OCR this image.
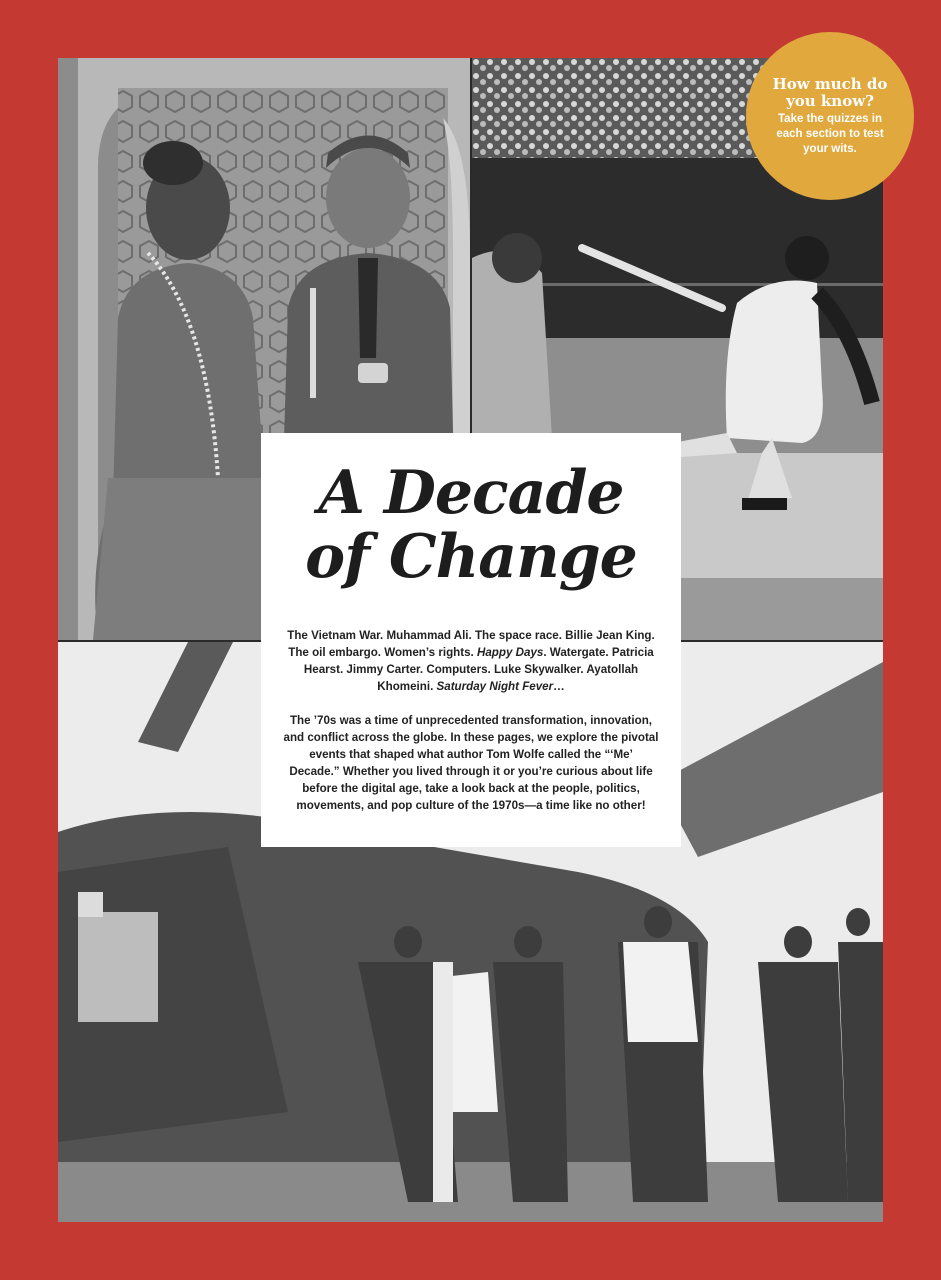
A Decade
of Change

The Vietnam War. Muhammad Ali. The space race. Billie Jean King. The oil embargo. Women’s rights. Happy Days. Watergate. Patricia Hearst. Jimmy Carter. Computers. Luke Skywalker. Ayatollah Khomeini. Saturday Night Fever…

The ’70s was a time of unprecedented transformation, innovation, and conflict across the globe. In these pages, we explore the pivotal events that shaped what author Tom Wolfe called the “‘Me’ Decade.” Whether you lived through it or you’re curious about life before the digital age, take a look back at the people, politics, movements, and pop culture of the 1970s—a time like no other!

How much do you know?
Take the quizzes in each section to test your wits.
